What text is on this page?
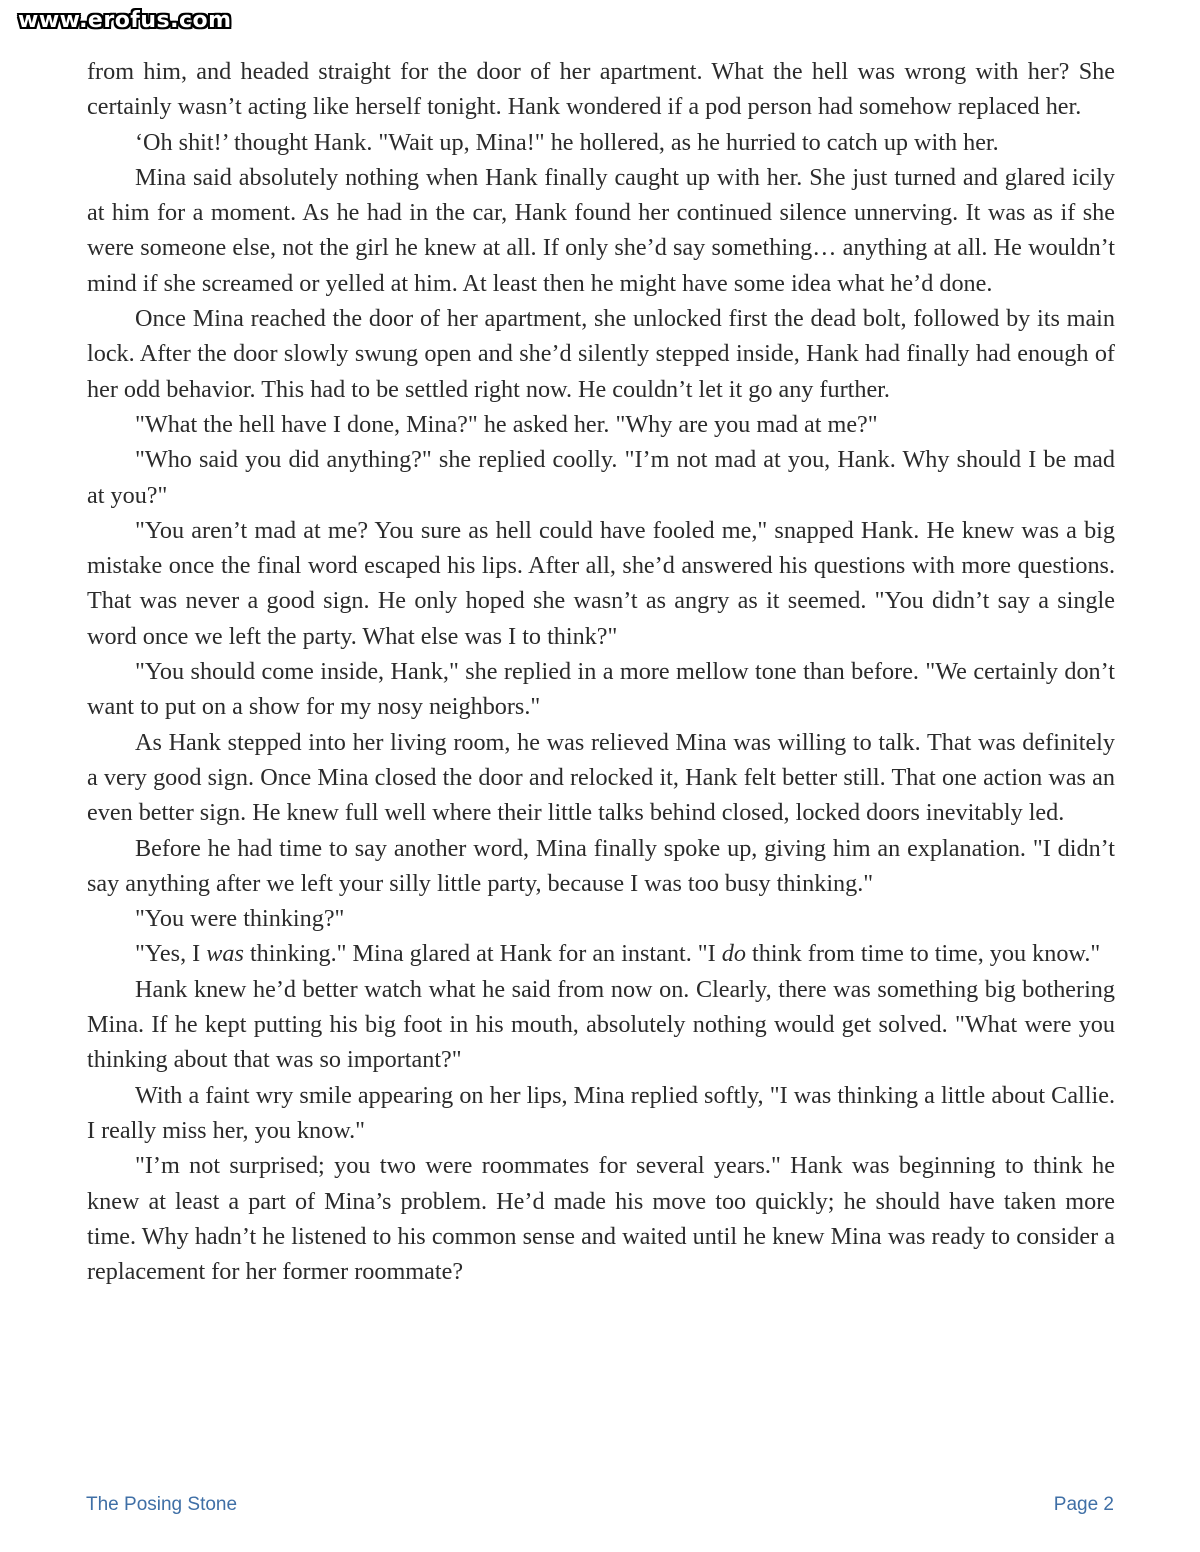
www.erofus.com

from him, and headed straight for the door of her apartment. What the hell was wrong with her? She certainly wasn’t acting like herself tonight. Hank wondered if a pod person had somehow replaced her.

‘Oh shit!’ thought Hank. "Wait up, Mina!" he hollered, as he hurried to catch up with her.

Mina said absolutely nothing when Hank finally caught up with her. She just turned and glared icily at him for a moment. As he had in the car, Hank found her continued silence unnerving. It was as if she were someone else, not the girl he knew at all. If only she’d say something… anything at all. He wouldn’t mind if she screamed or yelled at him. At least then he might have some idea what he’d done.

Once Mina reached the door of her apartment, she unlocked first the dead bolt, followed by its main lock. After the door slowly swung open and she’d silently stepped inside, Hank had finally had enough of her odd behavior. This had to be settled right now. He couldn’t let it go any further.

"What the hell have I done, Mina?" he asked her. "Why are you mad at me?"

"Who said you did anything?" she replied coolly. "I’m not mad at you, Hank. Why should I be mad at you?"

"You aren’t mad at me? You sure as hell could have fooled me," snapped Hank. He knew was a big mistake once the final word escaped his lips. After all, she’d answered his questions with more questions. That was never a good sign. He only hoped she wasn’t as angry as it seemed. "You didn’t say a single word once we left the party. What else was I to think?"

"You should come inside, Hank," she replied in a more mellow tone than before. "We certainly don’t want to put on a show for my nosy neighbors."

As Hank stepped into her living room, he was relieved Mina was willing to talk. That was definitely a very good sign. Once Mina closed the door and relocked it, Hank felt better still. That one action was an even better sign. He knew full well where their little talks behind closed, locked doors inevitably led.

Before he had time to say another word, Mina finally spoke up, giving him an explanation. "I didn’t say anything after we left your silly little party, because I was too busy thinking."

"You were thinking?"

"Yes, I was thinking." Mina glared at Hank for an instant. "I do think from time to time, you know."

Hank knew he’d better watch what he said from now on. Clearly, there was something big bothering Mina. If he kept putting his big foot in his mouth, absolutely nothing would get solved. "What were you thinking about that was so important?"

With a faint wry smile appearing on her lips, Mina replied softly, "I was thinking a little about Callie. I really miss her, you know."

"I’m not surprised; you two were roommates for several years." Hank was beginning to think he knew at least a part of Mina’s problem. He’d made his move too quickly; he should have taken more time. Why hadn’t he listened to his common sense and waited until he knew Mina was ready to consider a replacement for her former roommate?

The Posing Stone	Page 2
